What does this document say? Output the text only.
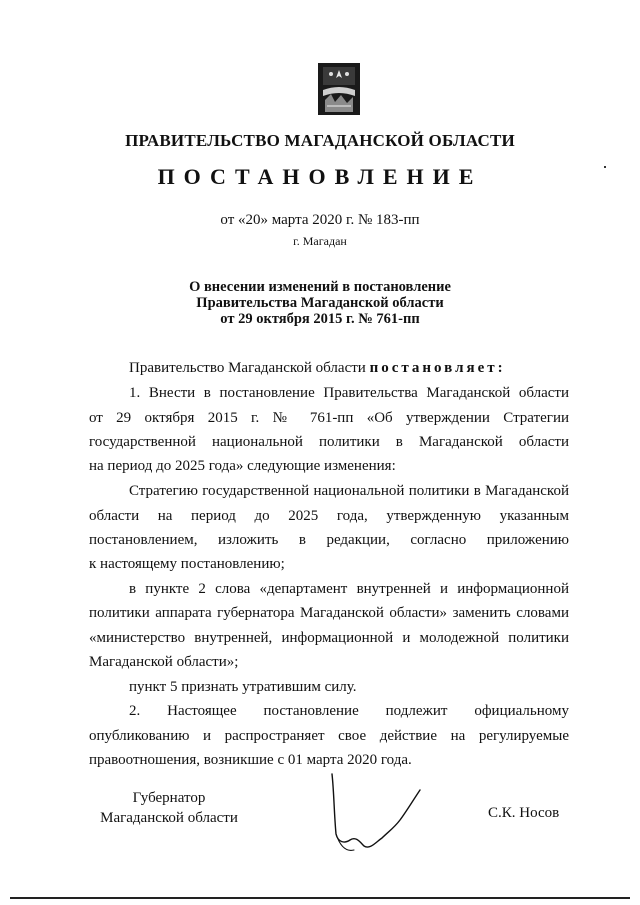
ПРАВИТЕЛЬСТВО МАГАДАНСКОЙ ОБЛАСТИ
ПОСТАНОВЛЕНИЕ
от «20» марта 2020 г. № 183-пп
г. Магадан
О внесении изменений в постановление
Правительства Магаданской области
от 29 октября 2015 г. № 761-пп
Правительство Магаданской области постановляет:
1. Внести в постановление Правительства Магаданской области
от 29 октября 2015 г. № 761-пп «Об утверждении Стратегии
государственной национальной политики в Магаданской области
на период до 2025 года» следующие изменения:
Стратегию государственной национальной политики в Магаданской
области на период до 2025 года, утвержденную указанным
постановлением, изложить в редакции, согласно приложению
к настоящему постановлению;
в пункте 2 слова «департамент внутренней и информационной
политики аппарата губернатора Магаданской области» заменить словами
«министерство внутренней, информационной и молодежной политики
Магаданской области»;
пункт 5 признать утратившим силу.
2. Настоящее постановление подлежит официальному
опубликованию и распространяет свое действие на регулируемые
правоотношения, возникшие с 01 марта 2020 года.
Губернатор
Магаданской области	С.К. Носов
